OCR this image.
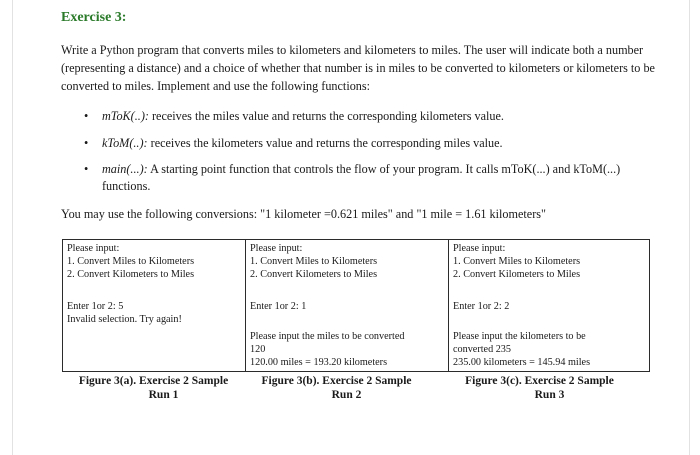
Exercise 3:

Write a Python program that converts miles to kilometers and kilometers to miles. The user will indicate both a number (representing a distance) and a choice of whether that number is in miles to be converted to kilometers or kilometers to be converted to miles. Implement and use the following functions:

• mToK(..): receives the miles value and returns the corresponding kilometers value.
• kToM(..): receives the kilometers value and returns the corresponding miles value.
• main(...): A starting point function that controls the flow of your program. It calls mToK(...) and kToM(...) functions.

You may use the following conversions: "1 kilometer =0.621 miles" and "1 mile = 1.61 kilometers"

Please input:
1. Convert Miles to Kilometers
2. Convert Kilometers to Miles
Enter 1or 2: 5
Invalid selection. Try again!

Please input:
1. Convert Miles to Kilometers
2. Convert Kilometers to Miles
Enter 1or 2: 1
Please input the miles to be converted
120
120.00 miles = 193.20 kilometers

Please input:
1. Convert Miles to Kilometers
2. Convert Kilometers to Miles
Enter 1or 2: 2
Please input the kilometers to be
converted 235
235.00 kilometers = 145.94 miles
Figure 3(a). Exercise 2 Sample
Run 1
Figure 3(b). Exercise 2 Sample
Run 2
Figure 3(c). Exercise 2 Sample
Run 3
